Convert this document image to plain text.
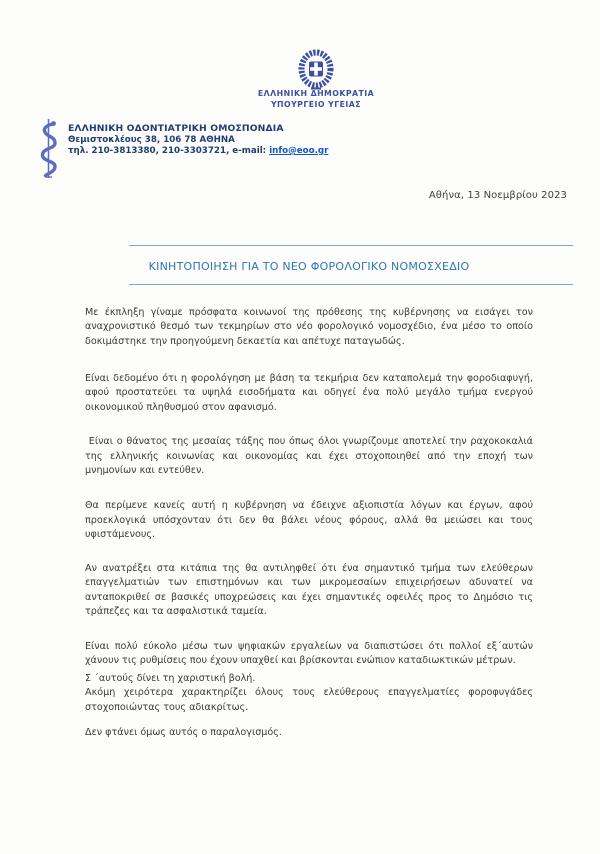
ΕΛΛΗΝΙΚΗ ΔΗΜΟΚΡΑΤΙΑ
ΥΠΟΥΡΓΕΙΟ ΥΓΕΙΑΣ
ΕΛΛΗΝΙΚΗ ΟΔΟΝΤΙΑΤΡΙΚΗ ΟΜΟΣΠΟΝΔΙΑ
Θεμιστοκλέους 38, 106 78 ΑΘΗΝΑ
τηλ. 210-3813380, 210-3303721, e-mail: info@eoo.gr
Αθήνα, 13 Νοεμβρίου 2023
ΚΙΝΗΤΟΠΟΙΗΣΗ ΓΙΑ ΤΟ ΝΕΟ ΦΟΡΟΛΟΓΙΚΟ ΝΟΜΟΣΧΕΔΙΟ

Με έκπληξη γίναμε πρόσφατα κοινωνοί της πρόθεσης της κυβέρνησης να εισάγει τον αναχρονιστικό θεσμό των τεκμηρίων στο νέο φορολογικό νομοσχέδιο, ένα μέσο το οποίο δοκιμάστηκε την προηγούμενη δεκαετία και απέτυχε παταγωδώς.

Είναι δεδομένο ότι η φορολόγηση με βάση τα τεκμήρια δεν καταπολεμά την φοροδιαφυγή, αφού προστατεύει τα υψηλά εισοδήματα και οδηγεί ένα πολύ μεγάλο τμήμα ενεργού οικονομικού πληθυσμού στον αφανισμό.

Είναι ο θάνατος της μεσαίας τάξης που όπως όλοι γνωρίζουμε αποτελεί την ραχοκοκαλιά της ελληνικής κοινωνίας και οικονομίας και έχει στοχοποιηθεί από την εποχή των μνημονίων και εντεύθεν.

Θα περίμενε κανείς αυτή η κυβέρνηση να έδειχνε αξιοπιστία λόγων και έργων, αφού προεκλογικά υπόσχονταν ότι δεν θα βάλει νέους φόρους, αλλά θα μειώσει και τους υφιστάμενους.

Αν ανατρέξει στα κιτάπια της θα αντιληφθεί ότι ένα σημαντικό τμήμα των ελεύθερων επαγγελματιών των επιστημόνων και των μικρομεσαίων επιχειρήσεων αδυνατεί να ανταποκριθεί σε βασικές υποχρεώσεις και έχει σημαντικές οφειλές προς το Δημόσιο τις τράπεζες και τα ασφαλιστικά ταμεία.

Είναι πολύ εύκολο μέσω των ψηφιακών εργαλείων να διαπιστώσει ότι πολλοί εξ΄αυτών χάνουν τις ρυθμίσεις που έχουν υπαχθεί και βρίσκονται ενώπιον καταδιωκτικών μέτρων.

Σ ΄αυτούς δίνει τη χαριστική βολή.

Ακόμη χειρότερα χαρακτηρίζει όλους τους ελεύθερους επαγγελματίες φοροφυγάδες στοχοποιώντας τους αδιακρίτως.

Δεν φτάνει όμως αυτός ο παραλογισμός.
